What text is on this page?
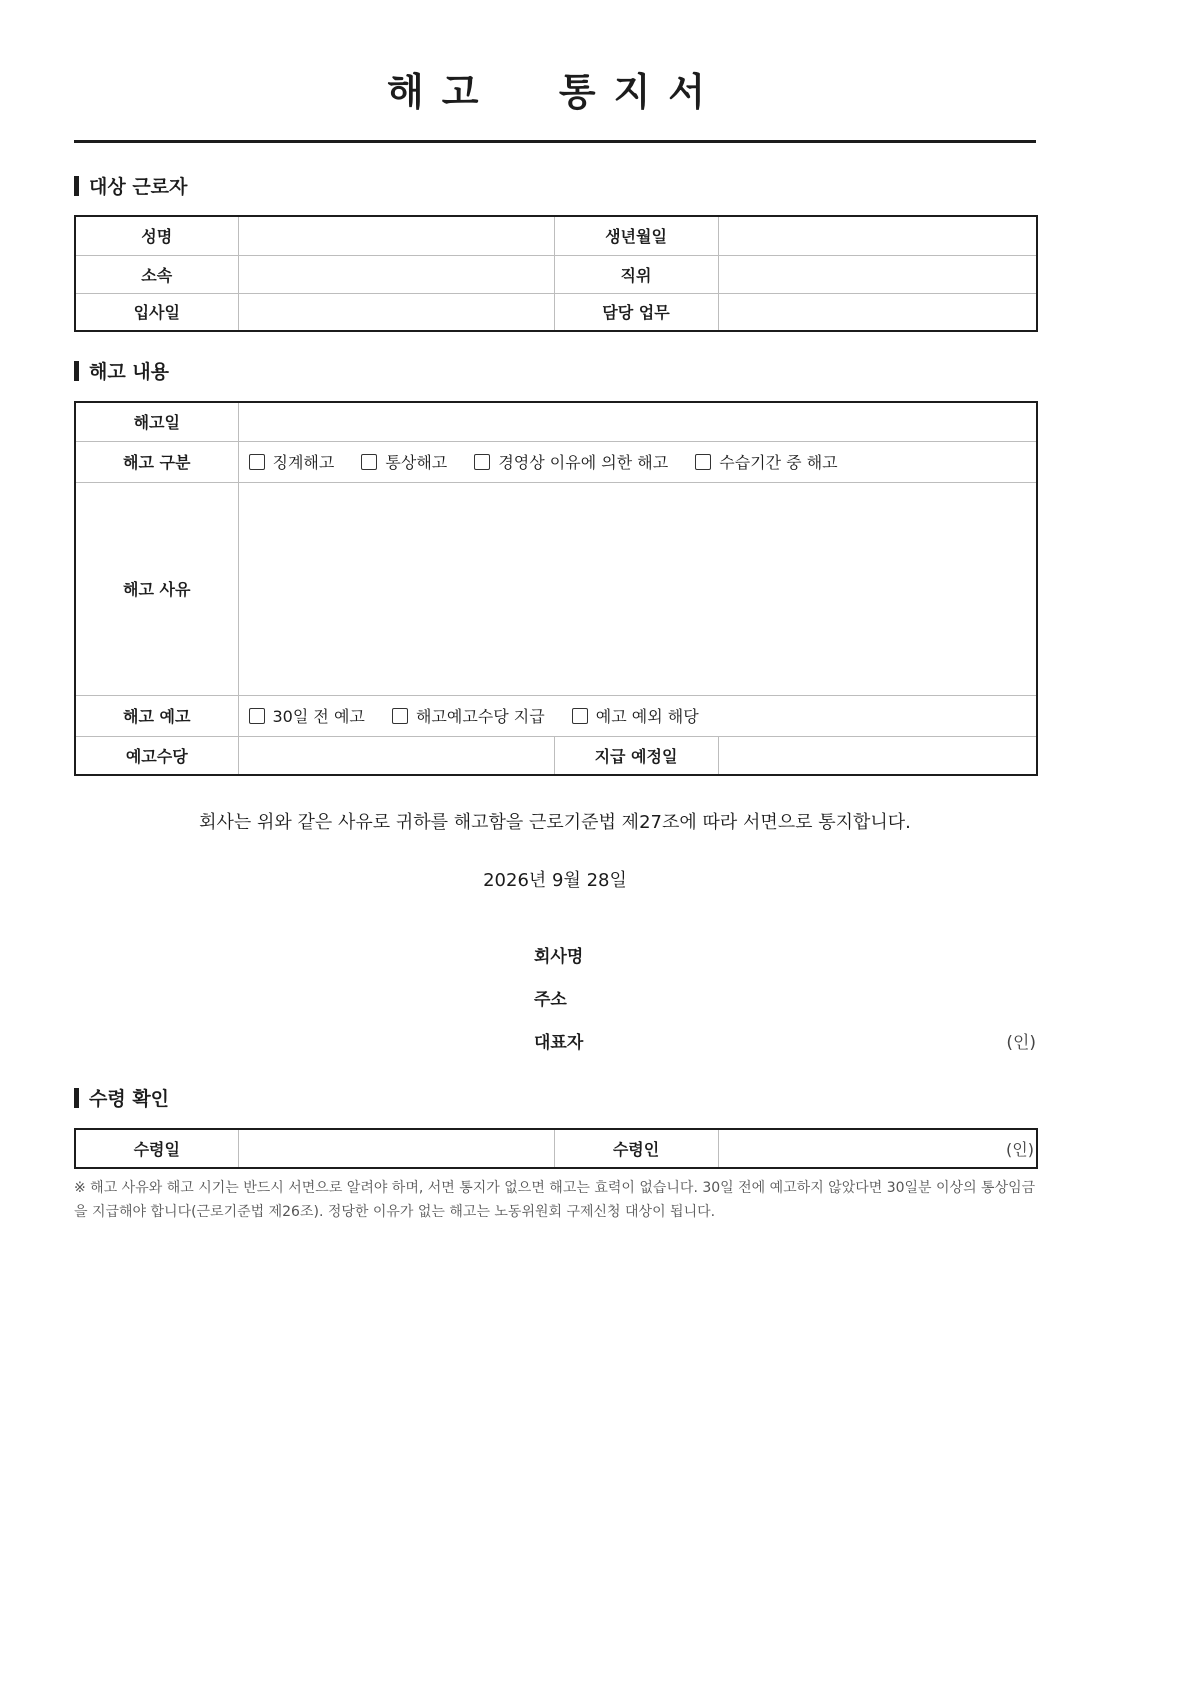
해고  통지서
대상 근로자
성명		생년월일	
소속		직위	
입사일		담당 업무	
해고 내용
해고일			
해고 구분	징계해고 통상해고 경영상 이유에 의한 해고 수습기간 중 해고		

해고 사유			
해고 예고	30일 전 예고 해고예고수당 지급 예고 예외 해당		

예고수당		지급 예정일	
회사는 위와 같은 사유로 귀하를 해고함을 근로기준법 제27조에 따라 서면으로 통지합니다.
2026년 9월 28일
회사명
주소
대표자	(인)
수령 확인
수령일		수령인	(인)
※ 해고 사유와 해고 시기는 반드시 서면으로 알려야 하며, 서면 통지가 없으면 해고는 효력이 없습니다. 30일 전에 예고하지 않았다면 30일분 이상의 통상임금을 지급해야 합니다(근로기준법 제26조). 정당한 이유가 없는 해고는 노동위원회 구제신청 대상이 됩니다.
